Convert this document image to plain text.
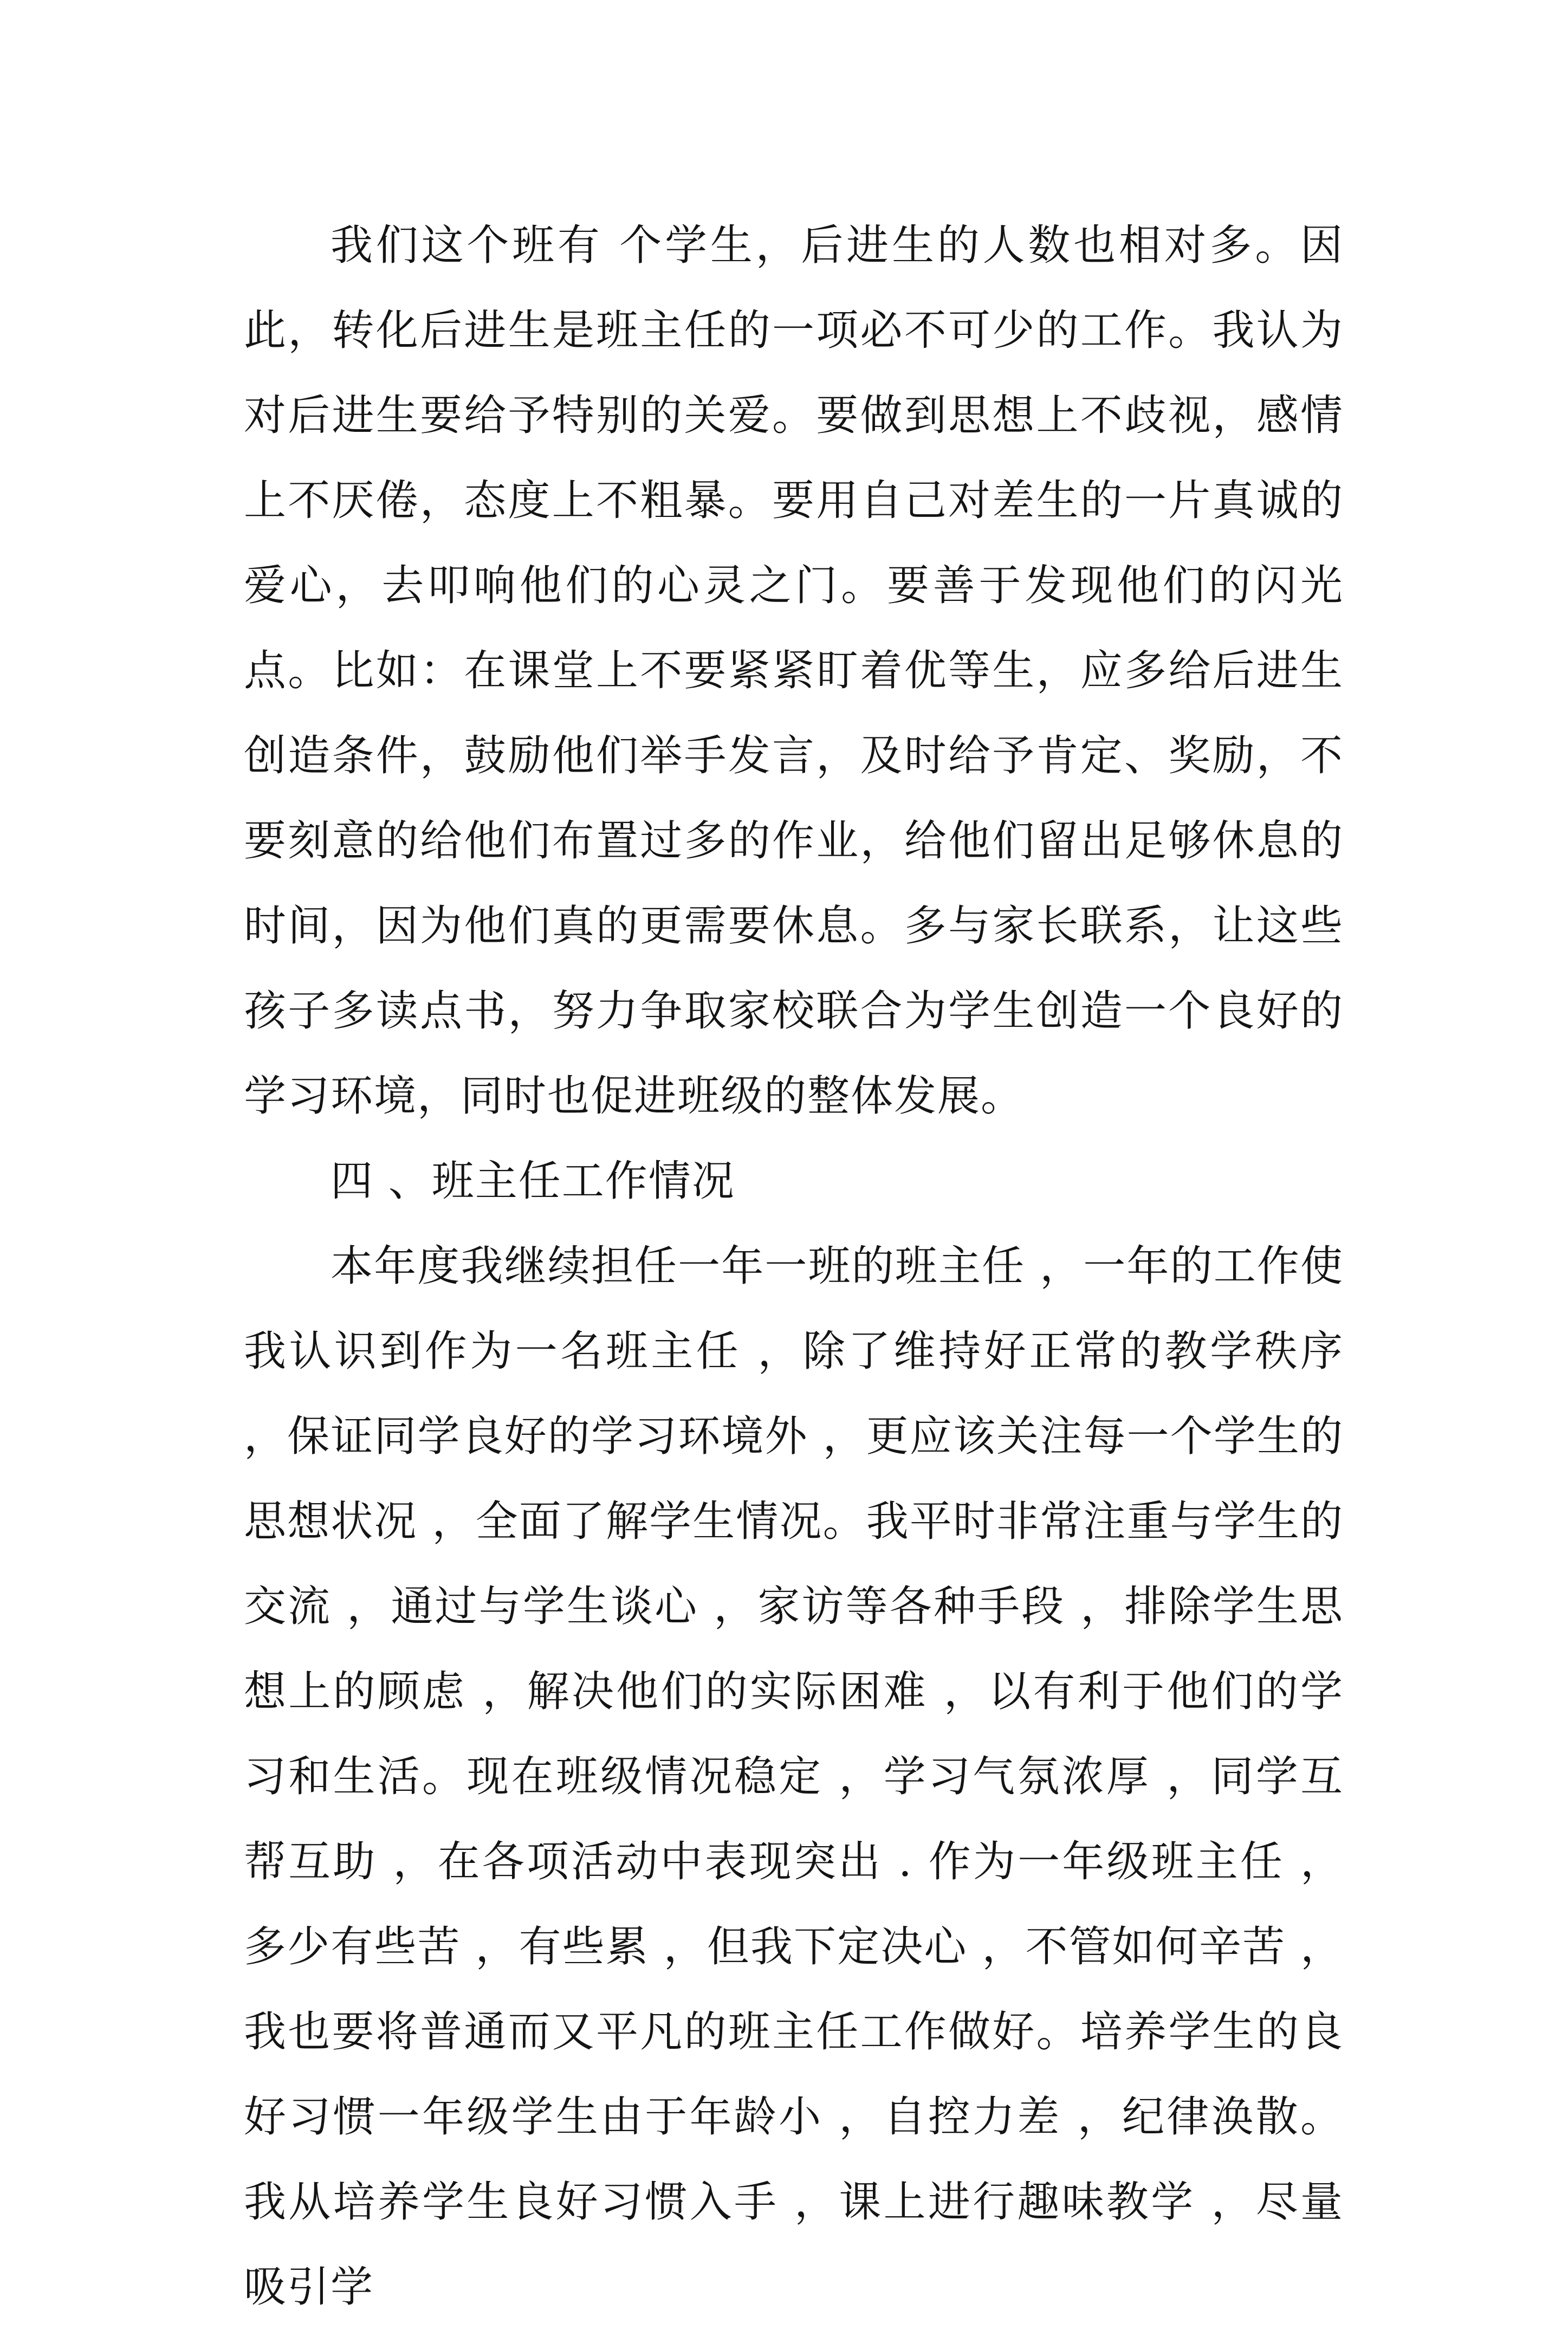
我们这个班有 个学生，后进生的人数也相对多。因此，转化后进生是班主任的一项必不可少的工作。我认为对后进生要给予特别的关爱。要做到思想上不歧视，感情上不厌倦，态度上不粗暴。要用自己对差生的一片真诚的爱心，去叩响他们的心灵之门。要善于发现他们的闪光点。比如：在课堂上不要紧紧盯着优等生，应多给后进生创造条件，鼓励他们举手发言，及时给予肯定、奖励，不要刻意的给他们布置过多的作业，给他们留出足够休息的时间，因为他们真的更需要休息。多与家长联系，让这些孩子多读点书，努力争取家校联合为学生创造一个良好的学习环境，同时也促进班级的整体发展。

四 、班主任工作情况

本年度我继续担任一年一班的班主任 ，一年的工作使我认识到作为一名班主任 ，除了维持好正常的教学秩序 ，保证同学良好的学习环境外 ，更应该关注每一个学生的思想状况 ，全面了解学生情况。我平时非常注重与学生的交流 ，通过与学生谈心 ，家访等各种手段 ，排除学生思想上的顾虑 ，解决他们的实际困难 ，以有利于他们的学习和生活。现在班级情况稳定 ，学习气氛浓厚 ，同学互帮互助 ，在各项活动中表现突出 . 作为一年级班主任 ，多少有些苦 ，有些累 ，但我下定决心 ，不管如何辛苦 ，我也要将普通而又平凡的班主任工作做好。培养学生的良好习惯一年级学生由于年龄小 ，自控力差 ，纪律涣散。我从培养学生良好习惯入手 ，课上进行趣味教学 ，尽量吸引学
